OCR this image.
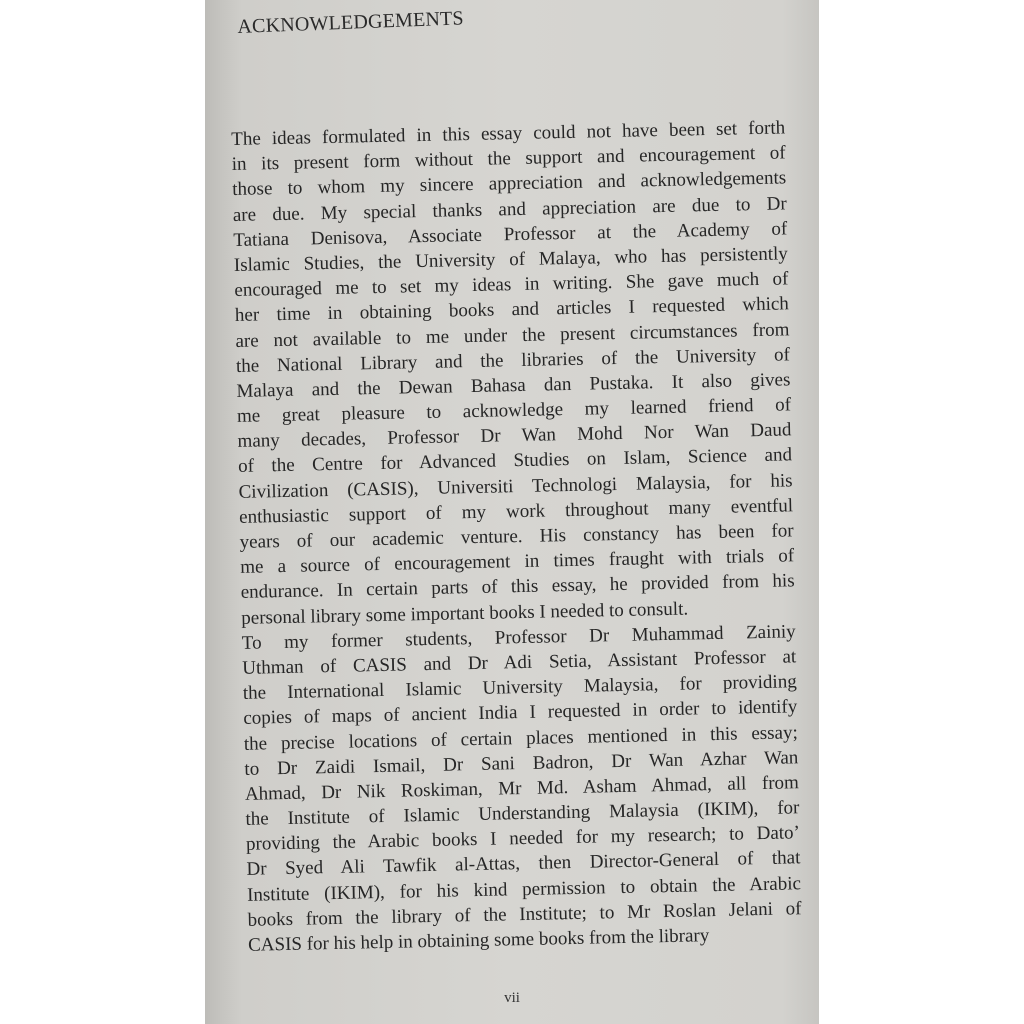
ACKNOWLEDGEMENTS
The ideas formulated in this essay could not have been set forth
in its present form without the support and encouragement of
those to whom my sincere appreciation and acknowledgements
are due. My special thanks and appreciation are due to Dr
Tatiana Denisova, Associate Professor at the Academy of
Islamic Studies, the University of Malaya, who has persistently
encouraged me to set my ideas in writing. She gave much of
her time in obtaining books and articles I requested which
are not available to me under the present circumstances from
the National Library and the libraries of the University of
Malaya and the Dewan Bahasa dan Pustaka. It also gives
me great pleasure to acknowledge my learned friend of
many decades, Professor Dr Wan Mohd Nor Wan Daud
of the Centre for Advanced Studies on Islam, Science and
Civilization (CASIS), Universiti Technologi Malaysia, for his
enthusiastic support of my work throughout many eventful
years of our academic venture. His constancy has been for
me a source of encouragement in times fraught with trials of
endurance. In certain parts of this essay, he provided from his
personal library some important books I needed to consult.
To my former students, Professor Dr Muhammad Zainiy
Uthman of CASIS and Dr Adi Setia, Assistant Professor at
the International Islamic University Malaysia, for providing
copies of maps of ancient India I requested in order to identify
the precise locations of certain places mentioned in this essay;
to Dr Zaidi Ismail, Dr Sani Badron, Dr Wan Azhar Wan
Ahmad, Dr Nik Roskiman, Mr Md. Asham Ahmad, all from
the Institute of Islamic Understanding Malaysia (IKIM), for
providing the Arabic books I needed for my research; to Dato’
Dr Syed Ali Tawfik al-Attas, then Director-General of that
Institute (IKIM), for his kind permission to obtain the Arabic
books from the library of the Institute; to Mr Roslan Jelani of
CASIS for his help in obtaining some books from the library
vii
